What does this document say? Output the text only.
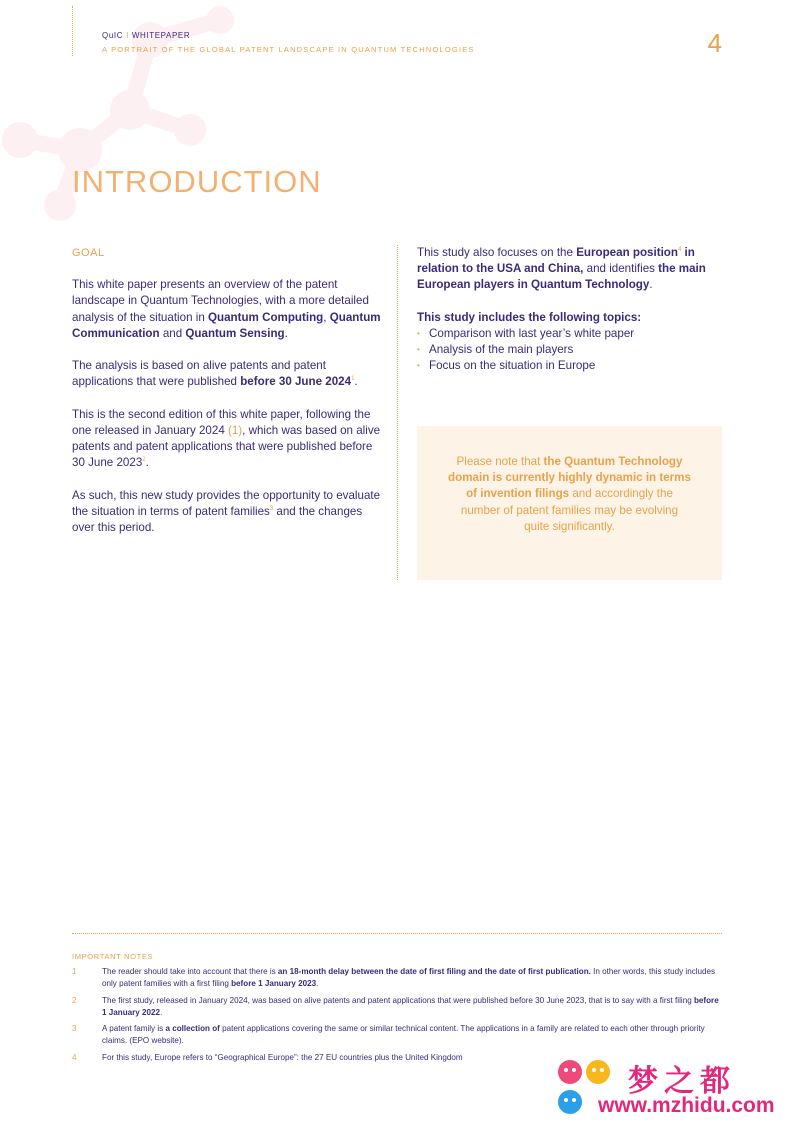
QuIC I WHITEPAPER
A PORTRAIT OF THE GLOBAL PATENT LANDSCAPE IN QUANTUM TECHNOLOGIES	4
INTRODUCTION
GOAL

This white paper presents an overview of the patent landscape in Quantum Technologies, with a more detailed analysis of the situation in Quantum Computing, Quantum Communication and Quantum Sensing.

The analysis is based on alive patents and patent applications that were published before 30 June 2024$^1$.

This is the second edition of this white paper, following the one released in January 2024 (1), which was based on alive patents and patent applications that were published before 30 June 2023$^2$.

As such, this new study provides the opportunity to evaluate the situation in terms of patent families$^3$ and the changes over this period.

This study also focuses on the European position$^4$ in relation to the USA and China, and identifies the main European players in Quantum Technology.

This study includes the following topics:
• Comparison with last year’s white paper
• Analysis of the main players
• Focus on the situation in Europe
Please note that the Quantum Technology domain is currently highly dynamic in terms of invention filings and accordingly the number of patent families may be evolving quite significantly.
IMPORTANT NOTES
1	The reader should take into account that there is an 18-month delay between the date of first filing and the date of first publication. In other words, this study includes only patent families with a first filing before 1 January 2023.
2	The first study, released in January 2024, was based on alive patents and patent applications that were published before 30 June 2023, that is to say with a first filing before 1 January 2022.
3	A patent family is a collection of patent applications covering the same or similar technical content. The applications in a family are related to each other through priority claims. (EPO website).
4	For this study, Europe refers to “Geographical Europe”: the 27 EU countries plus the United Kingdom
梦之都
www.mzhidu.com
